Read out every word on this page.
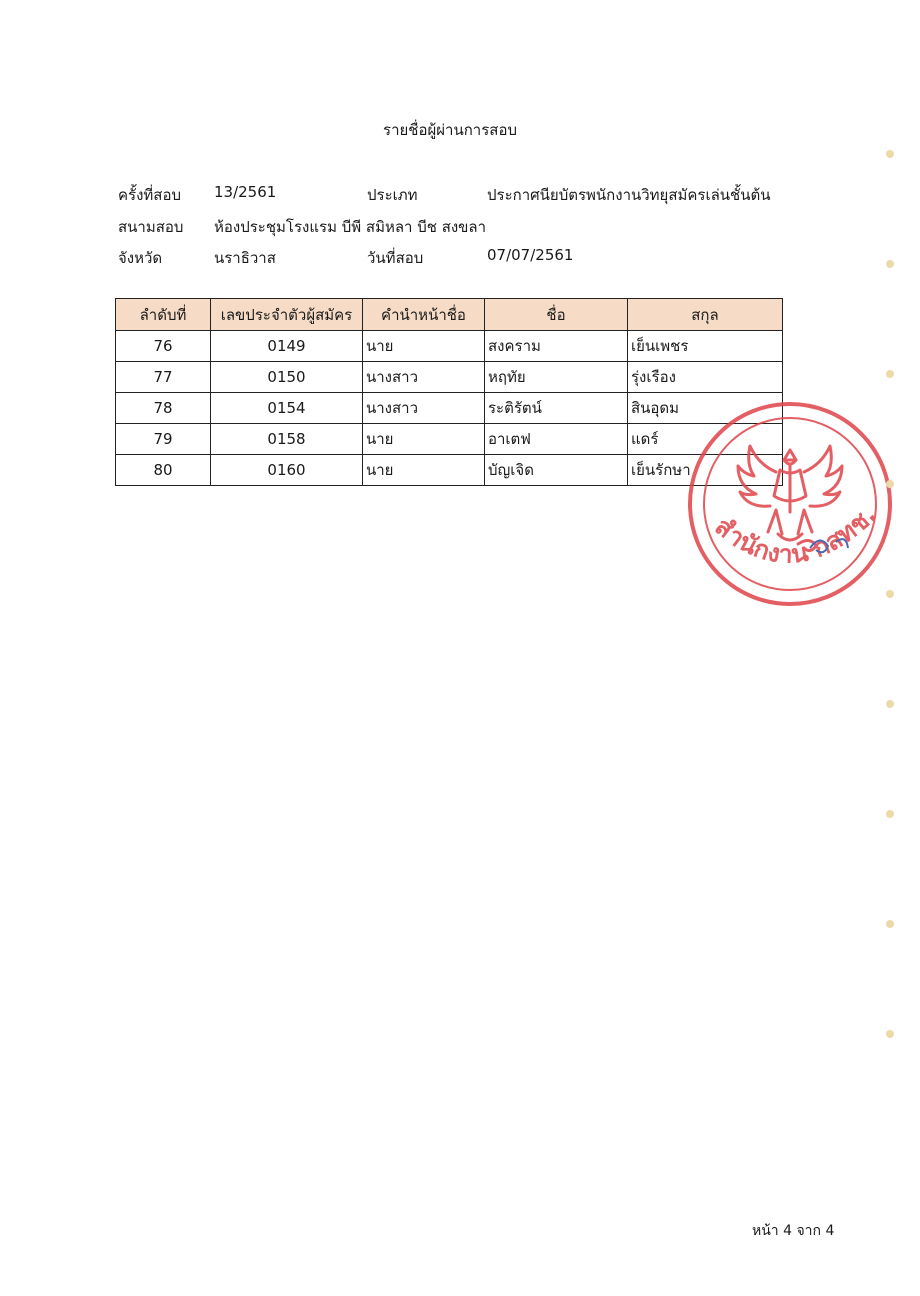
รายชื่อผู้ผ่านการสอบ
ครั้งที่สอบ 13/2561	ประเภท	ประกาศนียบัตรพนักงานวิทยุสมัครเล่นชั้นต้น
สนามสอบ ห้องประชุมโรงแรม บีพี สมิหลา บีช สงขลา
จังหวัด	นราธิวาส	วันที่สอบ	07/07/2561
ลำดับที่	เลขประจำตัวผู้สมัคร	คำนำหน้าชื่อ	ชื่อ	สกุล
76	0149	นาย	สงคราม	เย็นเพชร
77	0150	นางสาว	หฤทัย	รุ่งเรือง
78	0154	นางสาว	ระติรัตน์	สินอุดม
79	0158	นาย	อาเตฟ	แดร์
80	0160	นาย	บัญเจิด	เย็นรักษา
สำนักงาน กสทช.
หน้า 4 จาก 4
